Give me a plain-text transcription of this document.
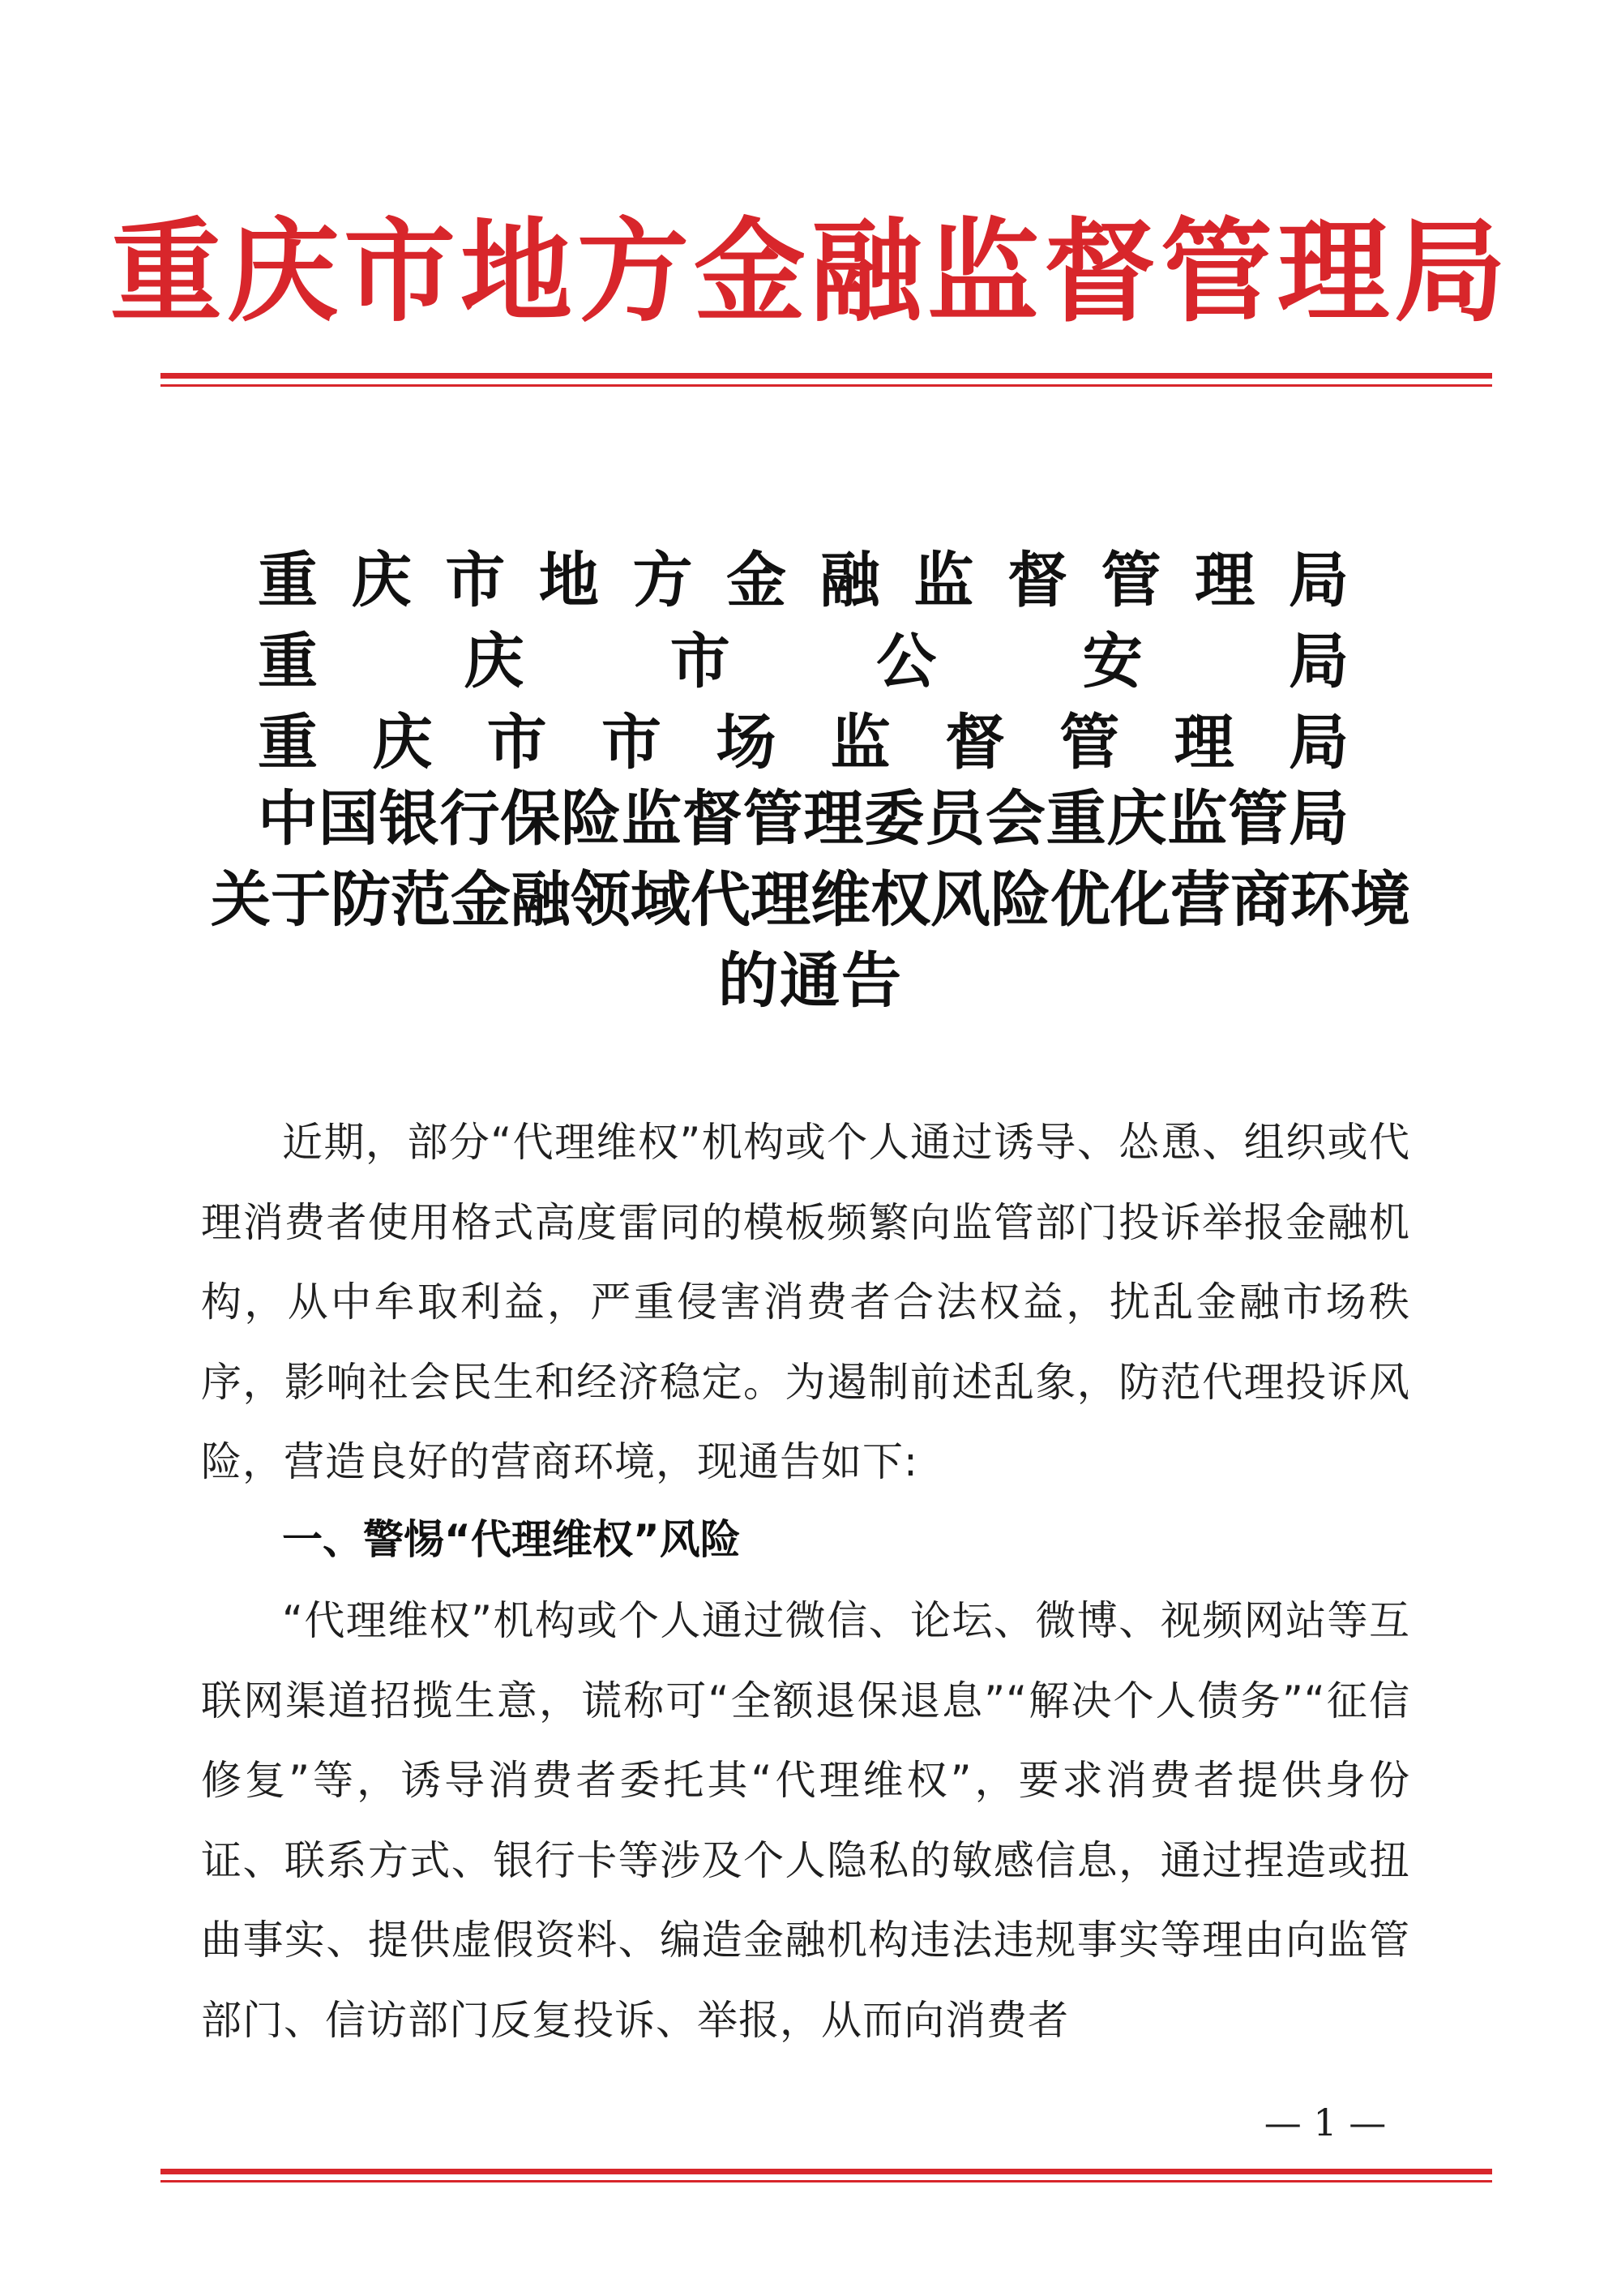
重庆市地方金融监督管理局
重 庆 市 地 方 金 融 监 督 管 理 局
重 庆 市 公 安 局
重 庆 市 市 场 监 督 管 理 局
中国银行保险监督管理委员会重庆监管局
关于防范金融领域代理维权风险优化营商环境
的通告
近期，部分“代理维权”机构或个人通过诱导、怂恿、组织或代理消费者使用格式高度雷同的模板频繁向监管部门投诉举报金融机构，从中牟取利益，严重侵害消费者合法权益，扰乱金融市场秩序，影响社会民生和经济稳定。为遏制前述乱象，防范代理投诉风险，营造良好的营商环境，现通告如下:
一、警惕“代理维权”风险
“代理维权”机构或个人通过微信、论坛、微博、视频网站等互联网渠道招揽生意，谎称可“全额退保退息”“解决个人债务”“征信修复”等，诱导消费者委托其“代理维权”，要求消费者提供身份证、联系方式、银行卡等涉及个人隐私的敏感信息，通过捏造或扭曲事实、提供虚假资料、编造金融机构违法违规事实等理由向监管部门、信访部门反复投诉、举报，从而向消费者
— 1 —
